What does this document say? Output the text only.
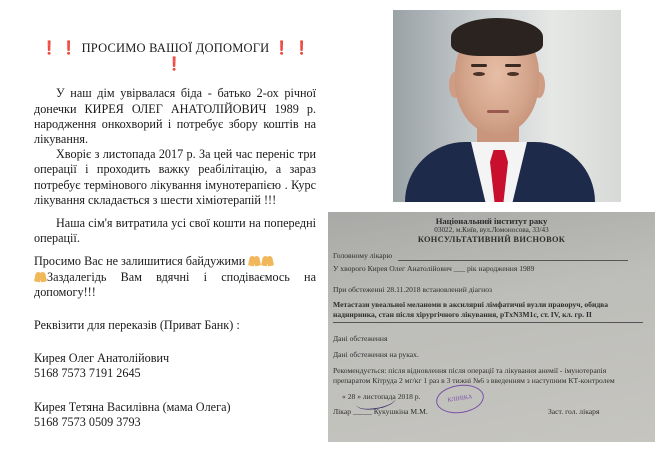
❗ ❗ ПРОСИМО ВАШОЇ ДОПОМОГИ ❗ ❗ ❗
У наш дім увірвалася біда - батько 2-ох річної донечки КИРЕЯ ОЛЕГ АНАТОЛІЙОВИЧ 1989 р. народження онкохворий і потребує збору коштів на лікування.
Хворіє з листопада 2017 р. За цей час переніс три операції і проходить важку реабілітацію, а зараз потребує термінового лікування імунотерапією . Курс лікування складається з шести хіміотерапій !!!
Наша сім'я витратила усі свої кошти на попередні операції.
Просимо Вас не залишитися байдужими
Заздалегідь Вам вдячні і сподіваємось на допомогу!!!
Реквізити для переказів (Приват Банк) :
Кирея Олег Анатолійович
5168 7573 7191 2645
Кирея Тетяна Василівна (мама Олега)
5168 7573 0509 3793
Національний інститут раку
03022, м.Київ, вул.Ломоносова, 33/43
КОНСУЛЬТАТИВНИЙ ВИСНОВОК
Головному лікарю
У хворого Кирея Олег Анатолійович ___ рік народження 1989
При обстеженні 28.11.2018 встановлений діагноз
Метастази увеальної меланоми в аксилярні лімфатичні вузли праворуч, обидва
наднирника, стан після хірургічного лікування, pTxN3M1c, ст. IV, кл. гр. II
Дані обстеження
Дані обстеження на руках.
Рекомендується: після відновлення після операції та лікування анемії - імунотерапія
препаратом Кітруда 2 мг/кг 1 раз в 3 тижні №6 з введенням з наступним КТ-контролем
« 28 » листопада 2018 р.
Лікар _____ Кукушкіна М.М.	Заст. гол. лікаря
КЛІНІКА
